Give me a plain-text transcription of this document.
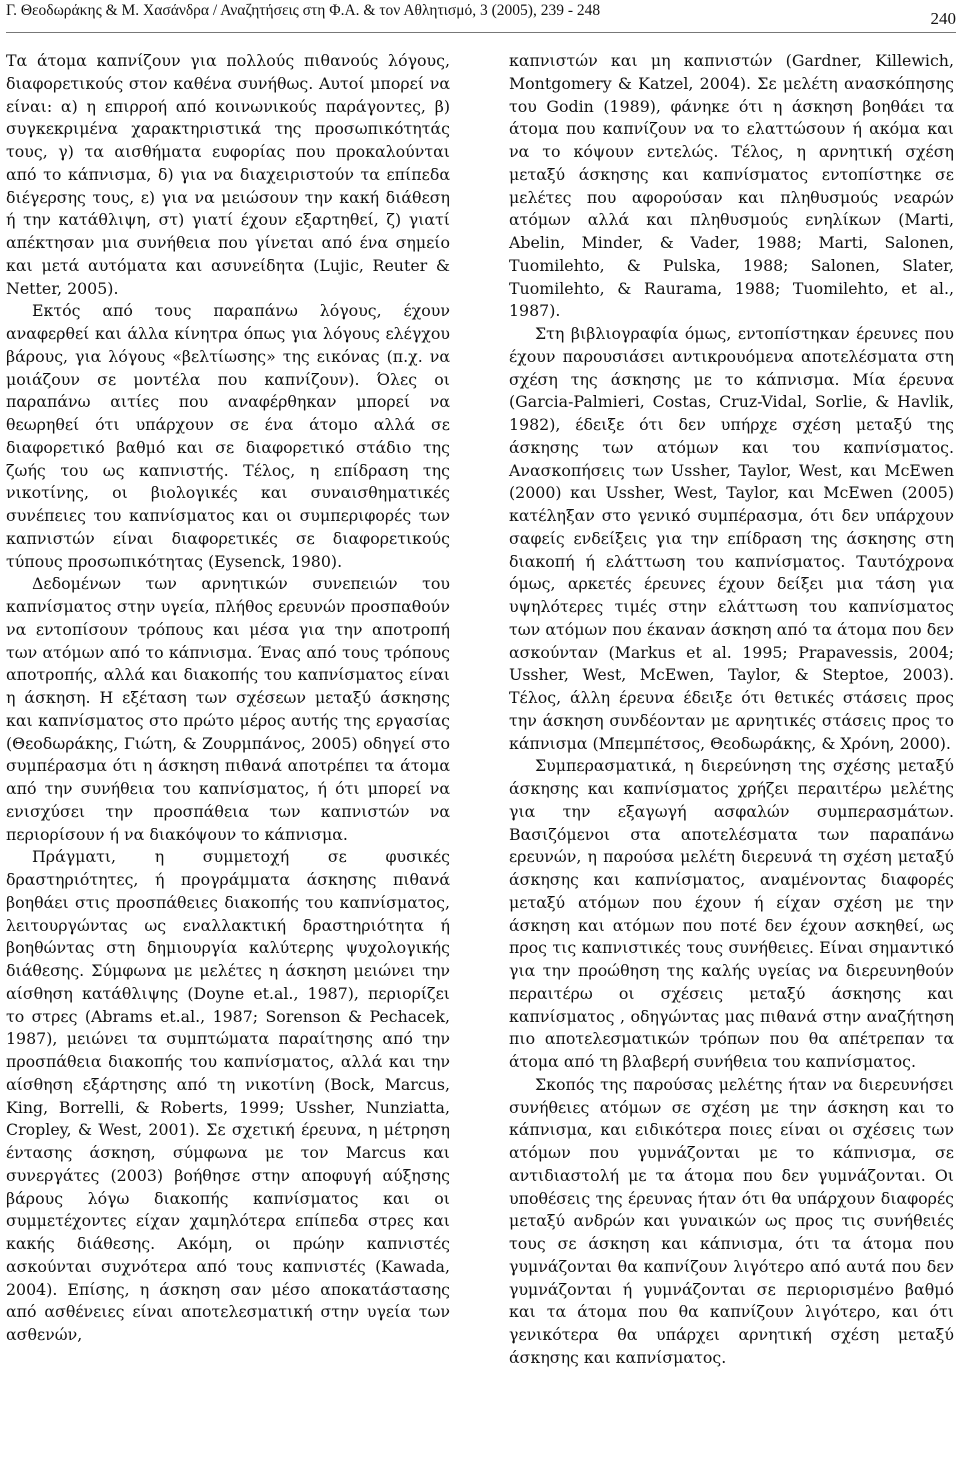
Γ. Θεοδωράκης & Μ. Χασάνδρα / Αναζητήσεις στη Φ.Α. & τον Αθλητισμό, 3 (2005), 239 - 248	240

Τα άτομα καπνίζουν για πολλούς πιθανούς λόγους, διαφορετικούς στον καθένα συνήθως. Αυτοί μπορεί να είναι: α) η επιρροή από κοινωνικούς παράγοντες, β) συγκεκριμένα χαρακτηριστικά της προσωπικότητάς τους, γ) τα αισθήματα ευφορίας που προκαλούνται από το κάπνισμα, δ) για να διαχειριστούν τα επίπεδα διέγερσης τους, ε) για να μειώσουν την κακή διάθεση ή την κατάθλιψη, στ) γιατί έχουν εξαρτηθεί, ζ) γιατί απέκτησαν μια συνήθεια που γίνεται από ένα σημείο και μετά αυτόματα και ασυνείδητα (Lujic, Reuter & Netter, 2005).

Εκτός από τους παραπάνω λόγους, έχουν αναφερθεί και άλλα κίνητρα όπως για λόγους ελέγχου βάρους, για λόγους «βελτίωσης» της εικόνας (π.χ. να μοιάζουν σε μοντέλα που καπνίζουν). Όλες οι παραπάνω αιτίες που αναφέρθηκαν μπορεί να θεωρηθεί ότι υπάρχουν σε ένα άτομο αλλά σε διαφορετικό βαθμό και σε διαφορετικό στάδιο της ζωής του ως καπνιστής. Τέλος, η επίδραση της νικοτίνης, οι βιολογικές και συναισθηματικές συνέπειες του καπνίσματος και οι συμπεριφορές των καπνιστών είναι διαφορετικές σε διαφορετικούς τύπους προσωπικότητας (Eysenck, 1980).

Δεδομένων των αρνητικών συνεπειών του καπνίσματος στην υγεία, πλήθος ερευνών προσπαθούν να εντοπίσουν τρόπους και μέσα για την αποτροπή των ατόμων από το κάπνισμα. Ένας από τους τρόπους αποτροπής, αλλά και διακοπής του καπνίσματος είναι η άσκηση. Η εξέταση των σχέσεων μεταξύ άσκησης και καπνίσματος στο πρώτο μέρος αυτής της εργασίας (Θεοδωράκης, Γιώτη, & Ζουρμπάνος, 2005) οδηγεί στο συμπέρασμα ότι η άσκηση πιθανά αποτρέπει τα άτομα από την συνήθεια του καπνίσματος, ή ότι μπορεί να ενισχύσει την προσπάθεια των καπνιστών να περιορίσουν ή να διακόψουν το κάπνισμα.

Πράγματι, η συμμετοχή σε φυσικές δραστηριότητες, ή προγράμματα άσκησης πιθανά βοηθάει στις προσπάθειες διακοπής του καπνίσματος, λειτουργώντας ως εναλλακτική δραστηριότητα ή βοηθώντας στη δημιουργία καλύτερης ψυχολογικής διάθεσης. Σύμφωνα με μελέτες η άσκηση μειώνει την αίσθηση κατάθλιψης (Doyne et.al., 1987), περιορίζει το στρες (Abrams et.al., 1987; Sorenson & Pechacek, 1987), μειώνει τα συμπτώματα παραίτησης από την προσπάθεια διακοπής του καπνίσματος, αλλά και την αίσθηση εξάρτησης από τη νικοτίνη (Bock, Marcus, King, Borrelli, & Roberts, 1999; Ussher, Nunziatta, Cropley, & West, 2001). Σε σχετική έρευνα, η μέτρηση έντασης άσκηση, σύμφωνα με τον Marcus και συνεργάτες (2003) βοήθησε στην αποφυγή αύξησης βάρους λόγω διακοπής καπνίσματος και οι συμμετέχοντες είχαν χαμηλότερα επίπεδα στρες και κακής διάθεσης. Ακόμη, οι πρώην καπνιστές ασκούνται συχνότερα από τους καπνιστές (Kawada, 2004). Επίσης, η άσκηση σαν μέσο αποκατάστασης από ασθένειες είναι αποτελεσματική στην υγεία των ασθενών,

καπνιστών και μη καπνιστών (Gardner, Killewich, Montgomery & Katzel, 2004). Σε μελέτη ανασκόπησης του Godin (1989), φάνηκε ότι η άσκηση βοηθάει τα άτομα που καπνίζουν να το ελαττώσουν ή ακόμα και να το κόψουν εντελώς. Τέλος, η αρνητική σχέση μεταξύ άσκησης και καπνίσματος εντοπίστηκε σε μελέτες που αφορούσαν και πληθυσμούς νεαρών ατόμων αλλά και πληθυσμούς ενηλίκων (Marti, Abelin, Minder, & Vader, 1988; Marti, Salonen, Tuomilehto, & Pulska, 1988; Salonen, Slater, Tuomilehto, & Raurama, 1988; Tuomilehto, et al., 1987).

Στη βιβλιογραφία όμως, εντοπίστηκαν έρευνες που έχουν παρουσιάσει αντικρουόμενα αποτελέσματα στη σχέση της άσκησης με το κάπνισμα. Μία έρευνα (Garcia-Palmieri, Costas, Cruz-Vidal, Sorlie, & Havlik, 1982), έδειξε ότι δεν υπήρχε σχέση μεταξύ της άσκησης των ατόμων και του καπνίσματος. Ανασκοπήσεις των Ussher, Taylor, West, και McEwen (2000) και Ussher, West, Taylor, και McEwen (2005) κατέληξαν στο γενικό συμπέρασμα, ότι δεν υπάρχουν σαφείς ενδείξεις για την επίδραση της άσκησης στη διακοπή ή ελάττωση του καπνίσματος. Ταυτόχρονα όμως, αρκετές έρευνες έχουν δείξει μια τάση για υψηλότερες τιμές στην ελάττωση του καπνίσματος των ατόμων που έκαναν άσκηση από τα άτομα που δεν ασκούνταν (Markus et al. 1995; Prapavessis, 2004; Ussher, West, McEwen, Taylor, & Steptoe, 2003). Τέλος, άλλη έρευνα έδειξε ότι θετικές στάσεις προς την άσκηση συνδέονταν με αρνητικές στάσεις προς το κάπνισμα (Μπεμπέτσος, Θεοδωράκης, & Χρόνη, 2000).

Συμπερασματικά, η διερεύνηση της σχέσης μεταξύ άσκησης και καπνίσματος χρήζει περαιτέρω μελέτης για την εξαγωγή ασφαλών συμπερασμάτων. Βασιζόμενοι στα αποτελέσματα των παραπάνω ερευνών, η παρούσα μελέτη διερευνά τη σχέση μεταξύ άσκησης και καπνίσματος, αναμένοντας διαφορές μεταξύ ατόμων που έχουν ή είχαν σχέση με την άσκηση και ατόμων που ποτέ δεν έχουν ασκηθεί, ως προς τις καπνιστικές τους συνήθειες. Είναι σημαντικό για την προώθηση της καλής υγείας να διερευνηθούν περαιτέρω οι σχέσεις μεταξύ άσκησης και καπνίσματος , οδηγώντας μας πιθανά στην αναζήτηση πιο αποτελεσματικών τρόπων που θα απέτρεπαν τα άτομα από τη βλαβερή συνήθεια του καπνίσματος.

Σκοπός της παρούσας μελέτης ήταν να διερευνήσει συνήθειες ατόμων σε σχέση με την άσκηση και το κάπνισμα, και ειδικότερα ποιες είναι οι σχέσεις των ατόμων που γυμνάζονται με το κάπνισμα, σε αντιδιαστολή με τα άτομα που δεν γυμνάζονται. Οι υποθέσεις της έρευνας ήταν ότι θα υπάρχουν διαφορές μεταξύ ανδρών και γυναικών ως προς τις συνήθειές τους σε άσκηση και κάπνισμα, ότι τα άτομα που γυμνάζονται θα καπνίζουν λιγότερο από αυτά που δεν γυμνάζονται ή γυμνάζονται σε περιορισμένο βαθμό και τα άτομα που θα καπνίζουν λιγότερο, και ότι γενικότερα θα υπάρχει αρνητική σχέση μεταξύ άσκησης και καπνίσματος.
